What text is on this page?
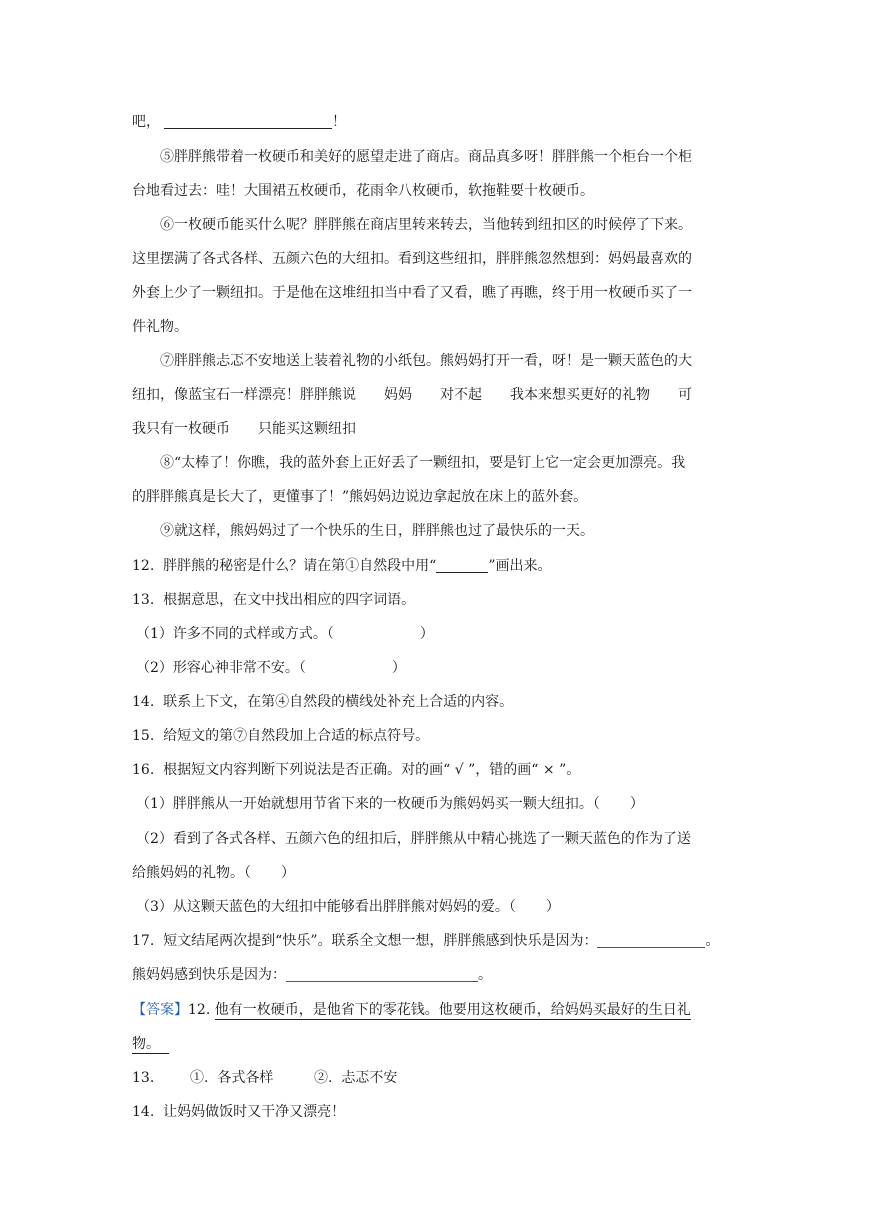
吧，	！
⑤胖胖熊带着一枚硬币和美好的愿望走进了商店。商品真多呀！胖胖熊一个柜台一个柜
台地看过去：哇！大围裙五枚硬币，花雨伞八枚硬币，软拖鞋要十枚硬币。
⑥一枚硬币能买什么呢？胖胖熊在商店里转来转去，当他转到纽扣区的时候停了下来。
这里摆满了各式各样、五颜六色的大纽扣。看到这些纽扣，胖胖熊忽然想到：妈妈最喜欢的
外套上少了一颗纽扣。于是他在这堆纽扣当中看了又看，瞧了再瞧，终于用一枚硬币买了一
件礼物。
⑦胖胖熊忐忑不安地送上装着礼物的小纸包。熊妈妈打开一看，呀！是一颗天蓝色的大
纽扣，像蓝宝石一样漂亮！胖胖熊说　　妈妈　　对不起　　我本来想买更好的礼物　　可
我只有一枚硬币　　只能买这颗纽扣
⑧“太棒了！你瞧，我的蓝外套上正好丢了一颗纽扣，要是钉上它一定会更加漂亮。我
的胖胖熊真是长大了，更懂事了！”熊妈妈边说边拿起放在床上的蓝外套。
⑨就这样，熊妈妈过了一个快乐的生日，胖胖熊也过了最快乐的一天。
12.  胖胖熊的秘密是什么？请在第①自然段中用“	”画出来。
13.  根据意思，在文中找出相应的四字词语。
（1）许多不同的式样或方式。（	）
（2）形容心神非常不安。（	）
14.  联系上下文，在第④自然段的横线处补充上合适的内容。
15.  给短文的第⑦自然段加上合适的标点符号。
16.  根据短文内容判断下列说法是否正确。对的画“ √ ”，错的画“ × ”。
（1）胖胖熊从一开始就想用节省下来的一枚硬币为熊妈妈买一颗大纽扣。（ ）
（2）看到了各式各样、五颜六色的纽扣后，胖胖熊从中精心挑选了一颗天蓝色的作为了送
给熊妈妈的礼物。（ ）
（3）从这颗天蓝色的大纽扣中能够看出胖胖熊对妈妈的爱。（ ）
17.  短文结尾两次提到“快乐”。联系全文想一想，胖胖熊感到快乐是因为：	。
熊妈妈感到快乐是因为：	。
【答案】12. 他有一枚硬币，是他省下的零花钱。他要用这枚硬币，给妈妈买最好的生日礼
物。
13.	①.  各式各样	②.  忐忑不安
14.  让妈妈做饭时又干净又漂亮！
